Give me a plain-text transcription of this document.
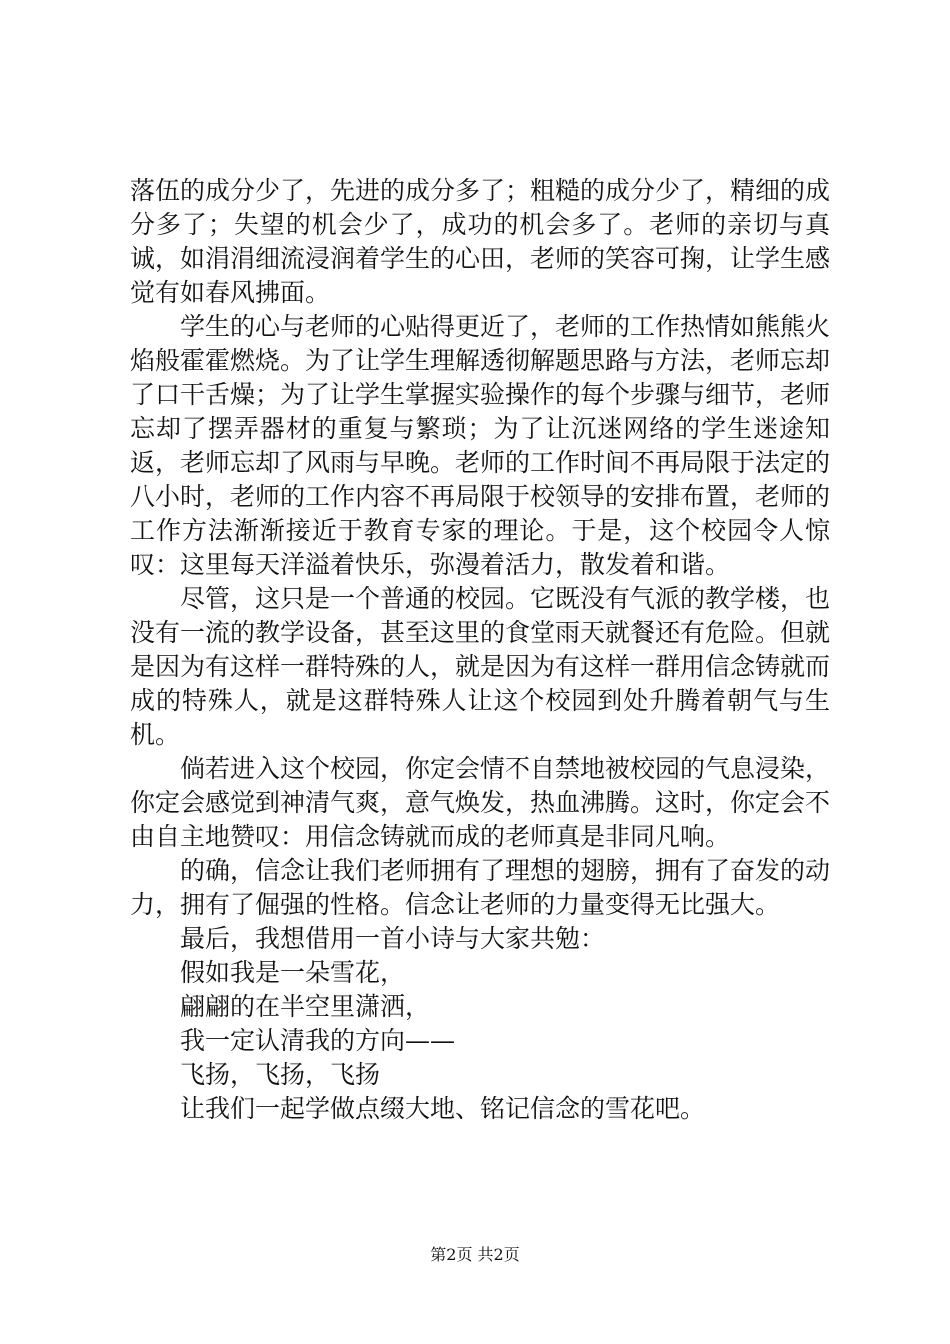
落伍的成分少了，先进的成分多了；粗糙的成分少了，精细的成分多了；失望的机会少了，成功的机会多了。老师的亲切与真诚，如涓涓细流浸润着学生的心田，老师的笑容可掬，让学生感觉有如春风拂面。

学生的心与老师的心贴得更近了，老师的工作热情如熊熊火焰般霍霍燃烧。为了让学生理解透彻解题思路与方法，老师忘却了口干舌燥；为了让学生掌握实验操作的每个步骤与细节，老师忘却了摆弄器材的重复与繁琐；为了让沉迷网络的学生迷途知返，老师忘却了风雨与早晚。老师的工作时间不再局限于法定的八小时，老师的工作内容不再局限于校领导的安排布置，老师的工作方法渐渐接近于教育专家的理论。于是，这个校园令人惊叹：这里每天洋溢着快乐，弥漫着活力，散发着和谐。

尽管，这只是一个普通的校园。它既没有气派的教学楼，也没有一流的教学设备，甚至这里的食堂雨天就餐还有危险。但就是因为有这样一群特殊的人，就是因为有这样一群用信念铸就而成的特殊人，就是这群特殊人让这个校园到处升腾着朝气与生机。

倘若进入这个校园，你定会情不自禁地被校园的气息浸染，你定会感觉到神清气爽，意气焕发，热血沸腾。这时，你定会不由自主地赞叹：用信念铸就而成的老师真是非同凡响。

的确，信念让我们老师拥有了理想的翅膀，拥有了奋发的动力，拥有了倔强的性格。信念让老师的力量变得无比强大。

最后，我想借用一首小诗与大家共勉：

假如我是一朵雪花，

翩翩的在半空里潇洒，

我一定认清我的方向——

飞扬，飞扬，飞扬

让我们一起学做点缀大地、铭记信念的雪花吧。

第2页 共2页
